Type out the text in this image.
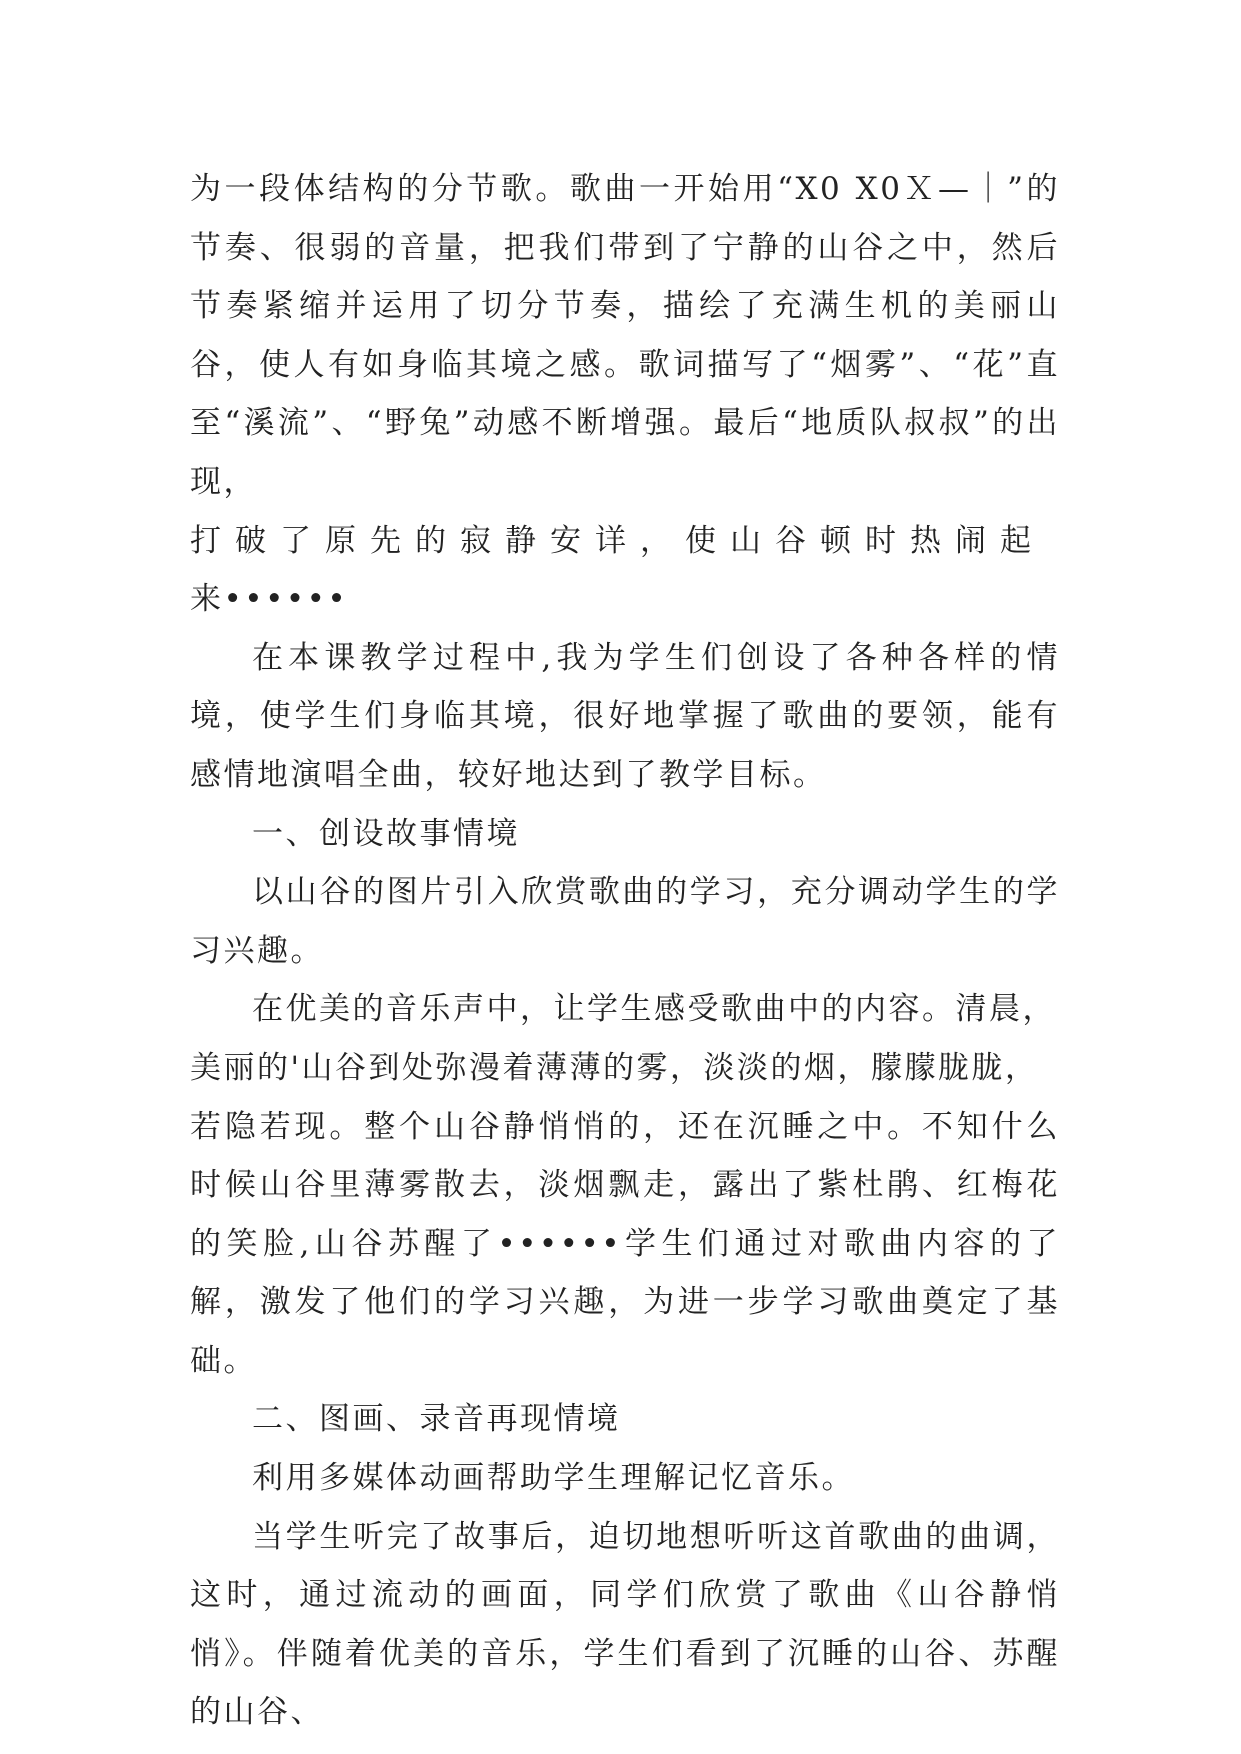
为一段体结构的分节歌。歌曲一开始用“X0 X0Ｘ—｜”的节奏、很弱的音量，把我们带到了宁静的山谷之中，然后节奏紧缩并运用了切分节奏，描绘了充满生机的美丽山谷，使人有如身临其境之感。歌词描写了“烟雾”、“花”直至“溪流”、“野兔”动感不断增强。最后“地质队叔叔”的出现，

打破了原先的寂静安详，使山谷顿时热闹起

来••••••

在本课教学过程中,我为学生们创设了各种各样的情境，使学生们身临其境，很好地掌握了歌曲的要领，能有感情地演唱全曲，较好地达到了教学目标。

一、创设故事情境

以山谷的图片引入欣赏歌曲的学习，充分调动学生的学习兴趣。

在优美的音乐声中，让学生感受歌曲中的内容。清晨，

美丽的'山谷到处弥漫着薄薄的雾，淡淡的烟，朦朦胧胧，

若隐若现。整个山谷静悄悄的，还在沉睡之中。不知什么时候山谷里薄雾散去，淡烟飘走，露出了紫杜鹃、红梅花的笑脸,山谷苏醒了••••••学生们通过对歌曲内容的了解，激发了他们的学习兴趣，为进一步学习歌曲奠定了基础。

二、图画、录音再现情境

利用多媒体动画帮助学生理解记忆音乐。

当学生听完了故事后，迫切地想听听这首歌曲的曲调，这时，通过流动的画面，同学们欣赏了歌曲《山谷静悄悄》。伴随着优美的音乐，学生们看到了沉睡的山谷、苏醒的山谷、
